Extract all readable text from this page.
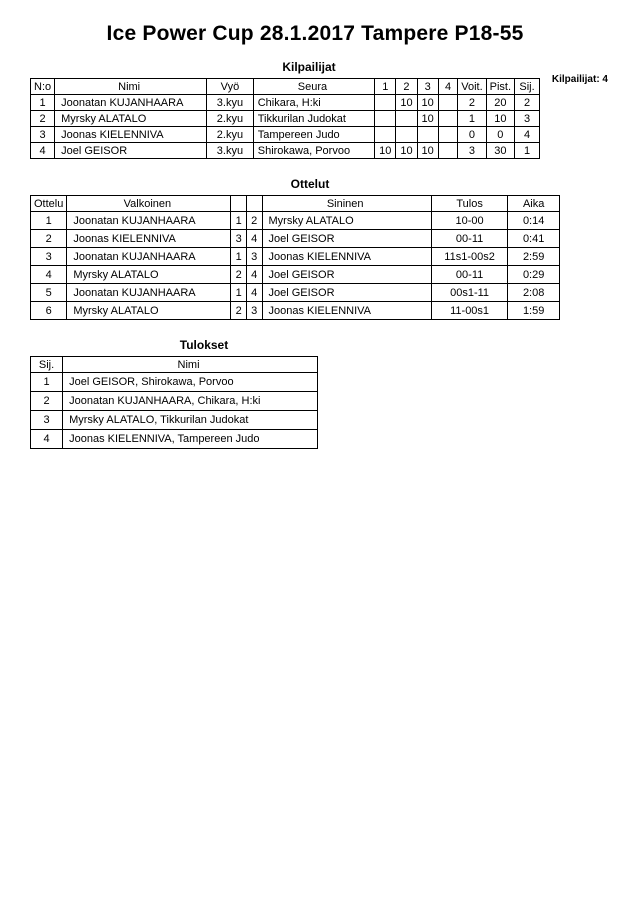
Ice Power Cup 28.1.2017 Tampere P18-55
Kilpailijat: 4
Kilpailijat
N:o	Nimi	Vyö	Seura	1	2	3	4	Voit.	Pist.	Sij.
1	Joonatan KUJANHAARA	3.kyu	Chikara, H:ki		10	10		2	20	2
2	Myrsky ALATALO	2.kyu	Tikkurilan Judokat			10		1	10	3
3	Joonas KIELENNIVA	2.kyu	Tampereen Judo					0	0	4
4	Joel GEISOR	3.kyu	Shirokawa, Porvoo	10	10	10		3	30	1
Ottelut
Ottelu	Valkoinen			Sininen	Tulos	Aika
1	Joonatan KUJANHAARA	1	2	Myrsky ALATALO	10-00	0:14
2	Joonas KIELENNIVA	3	4	Joel GEISOR	00-11	0:41
3	Joonatan KUJANHAARA	1	3	Joonas KIELENNIVA	11s1-00s2	2:59
4	Myrsky ALATALO	2	4	Joel GEISOR	00-11	0:29
5	Joonatan KUJANHAARA	1	4	Joel GEISOR	00s1-11	2:08
6	Myrsky ALATALO	2	3	Joonas KIELENNIVA	11-00s1	1:59
Tulokset
Sij.	Nimi
1	Joel GEISOR, Shirokawa, Porvoo
2	Joonatan KUJANHAARA, Chikara, H:ki
3	Myrsky ALATALO, Tikkurilan Judokat
4	Joonas KIELENNIVA, Tampereen Judo
